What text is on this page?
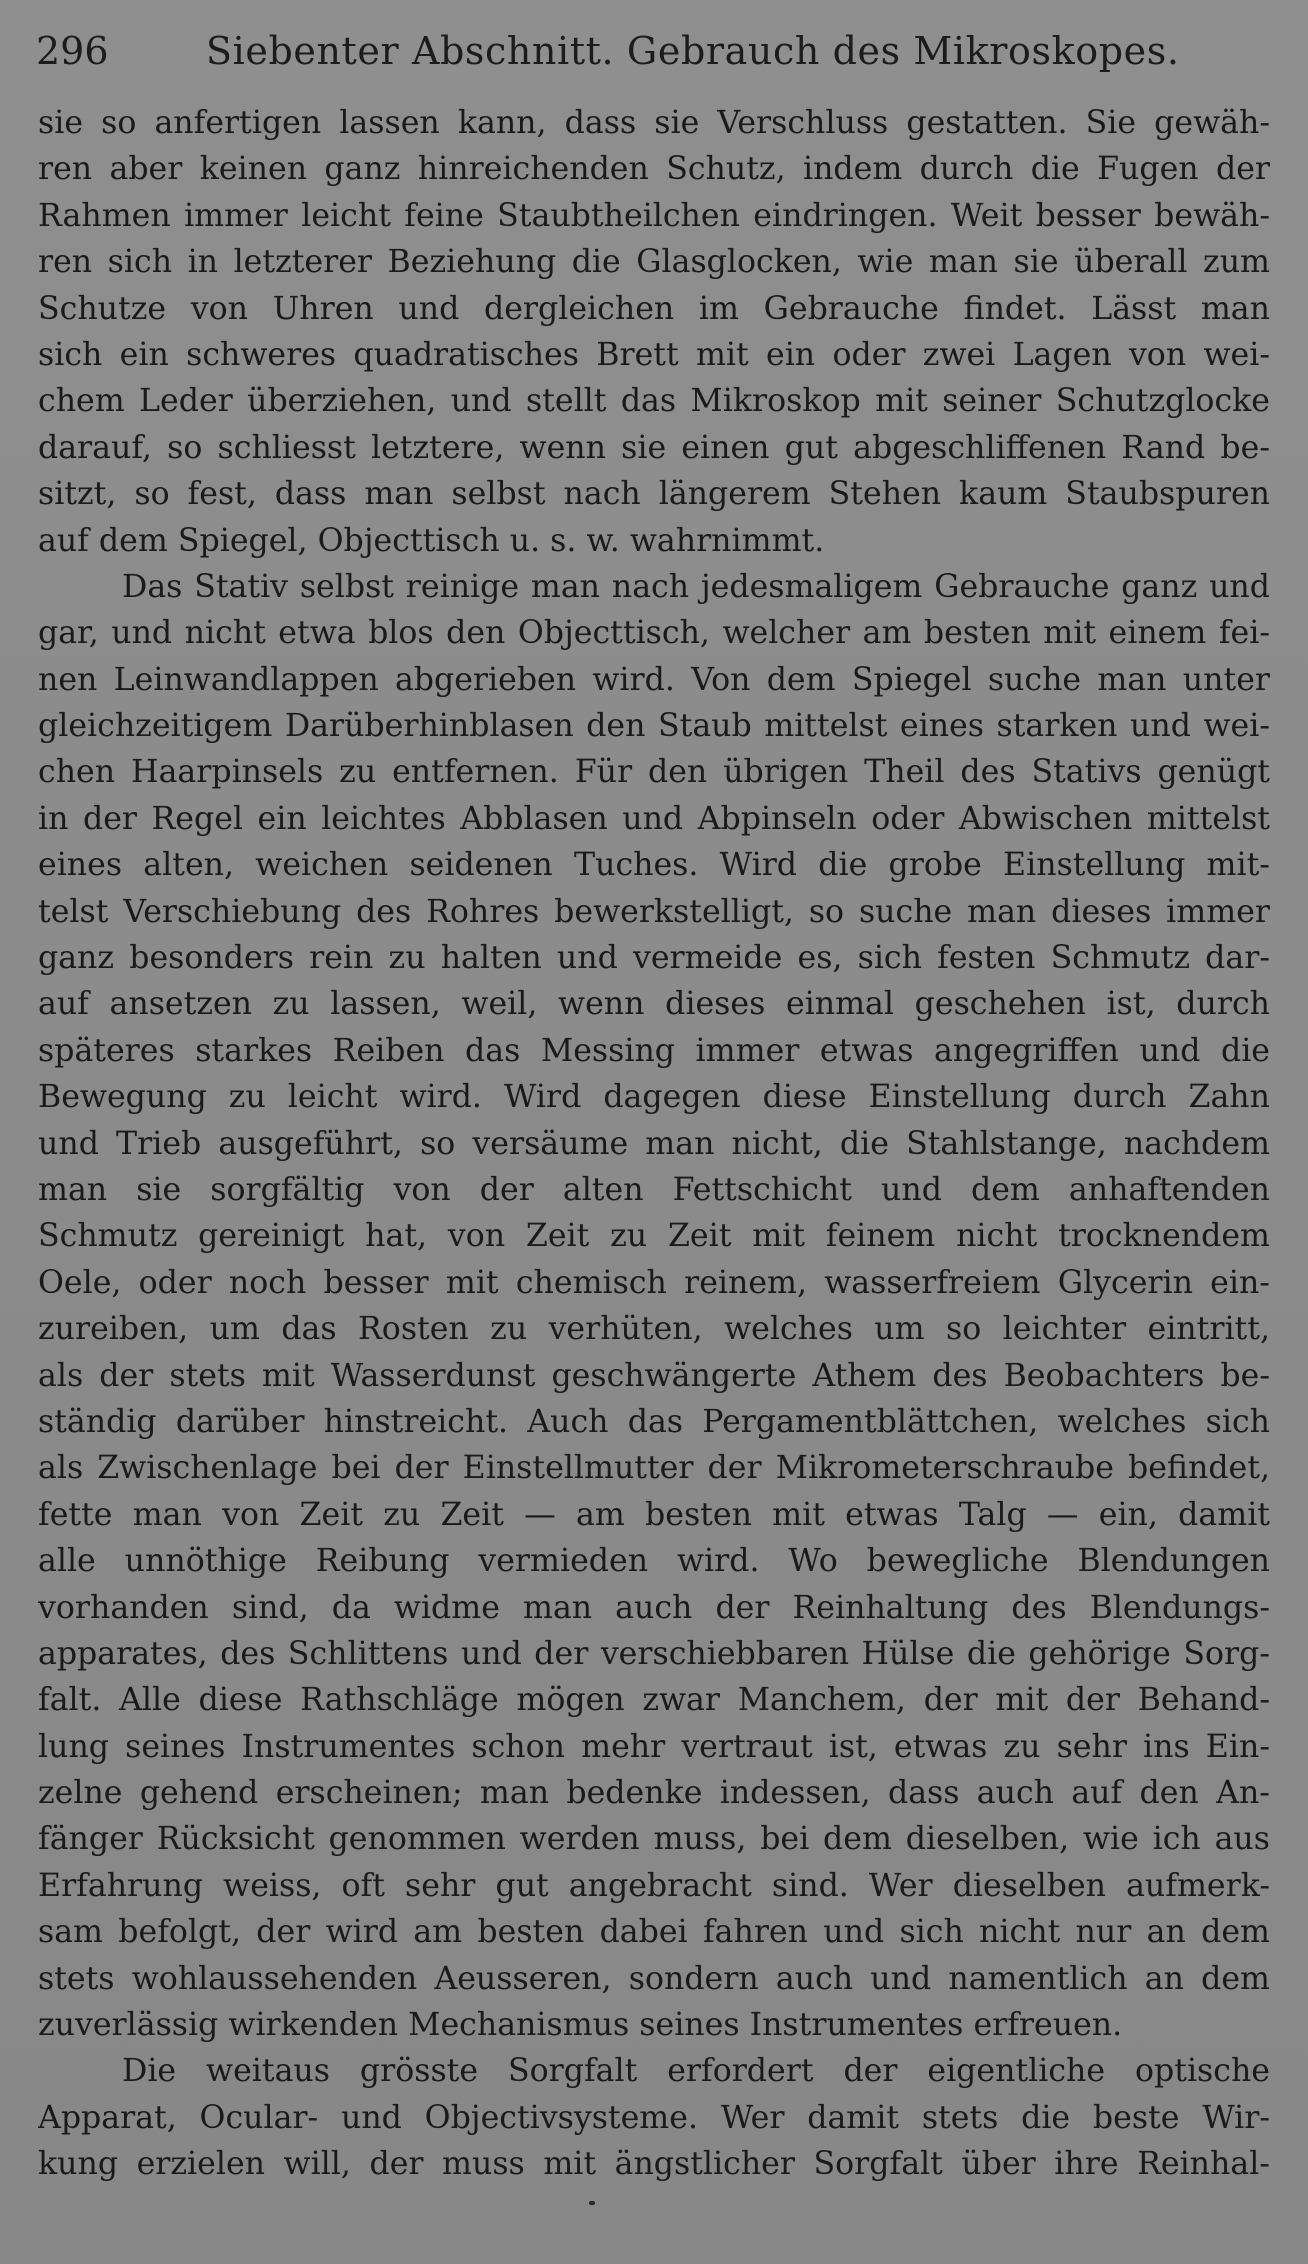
296	Siebenter Abschnitt. Gebrauch des Mikroskopes.
sie so anfertigen lassen kann, dass sie Verschluss gestatten. Sie gewäh-
ren aber keinen ganz hinreichenden Schutz, indem durch die Fugen der
Rahmen immer leicht feine Staubtheilchen eindringen. Weit besser bewäh-
ren sich in letzterer Beziehung die Glasglocken, wie man sie überall zum
Schutze von Uhren und dergleichen im Gebrauche findet. Lässt man
sich ein schweres quadratisches Brett mit ein oder zwei Lagen von wei-
chem Leder überziehen, und stellt das Mikroskop mit seiner Schutzglocke
darauf, so schliesst letztere, wenn sie einen gut abgeschliffenen Rand be-
sitzt, so fest, dass man selbst nach längerem Stehen kaum Staubspuren
auf dem Spiegel, Objecttisch u. s. w. wahrnimmt.
Das Stativ selbst reinige man nach jedesmaligem Gebrauche ganz und
gar, und nicht etwa blos den Objecttisch, welcher am besten mit einem fei-
nen Leinwandlappen abgerieben wird. Von dem Spiegel suche man unter
gleichzeitigem Darüberhinblasen den Staub mittelst eines starken und wei-
chen Haarpinsels zu entfernen. Für den übrigen Theil des Stativs genügt
in der Regel ein leichtes Abblasen und Abpinseln oder Abwischen mittelst
eines alten, weichen seidenen Tuches. Wird die grobe Einstellung mit-
telst Verschiebung des Rohres bewerkstelligt, so suche man dieses immer
ganz besonders rein zu halten und vermeide es, sich festen Schmutz dar-
auf ansetzen zu lassen, weil, wenn dieses einmal geschehen ist, durch
späteres starkes Reiben das Messing immer etwas angegriffen und die
Bewegung zu leicht wird. Wird dagegen diese Einstellung durch Zahn
und Trieb ausgeführt, so versäume man nicht, die Stahlstange, nachdem
man sie sorgfältig von der alten Fettschicht und dem anhaftenden
Schmutz gereinigt hat, von Zeit zu Zeit mit feinem nicht trocknendem
Oele, oder noch besser mit chemisch reinem, wasserfreiem Glycerin ein-
zureiben, um das Rosten zu verhüten, welches um so leichter eintritt,
als der stets mit Wasserdunst geschwängerte Athem des Beobachters be-
ständig darüber hinstreicht. Auch das Pergamentblättchen, welches sich
als Zwischenlage bei der Einstellmutter der Mikrometerschraube befindet,
fette man von Zeit zu Zeit — am besten mit etwas Talg — ein, damit
alle unnöthige Reibung vermieden wird. Wo bewegliche Blendungen
vorhanden sind, da widme man auch der Reinhaltung des Blendungs-
apparates, des Schlittens und der verschiebbaren Hülse die gehörige Sorg-
falt. Alle diese Rathschläge mögen zwar Manchem, der mit der Behand-
lung seines Instrumentes schon mehr vertraut ist, etwas zu sehr ins Ein-
zelne gehend erscheinen; man bedenke indessen, dass auch auf den An-
fänger Rücksicht genommen werden muss, bei dem dieselben, wie ich aus
Erfahrung weiss, oft sehr gut angebracht sind. Wer dieselben aufmerk-
sam befolgt, der wird am besten dabei fahren und sich nicht nur an dem
stets wohlaussehenden Aeusseren, sondern auch und namentlich an dem
zuverlässig wirkenden Mechanismus seines Instrumentes erfreuen.
Die weitaus grösste Sorgfalt erfordert der eigentliche optische
Apparat, Ocular- und Objectivsysteme. Wer damit stets die beste Wir-
kung erzielen will, der muss mit ängstlicher Sorgfalt über ihre Reinhal-
